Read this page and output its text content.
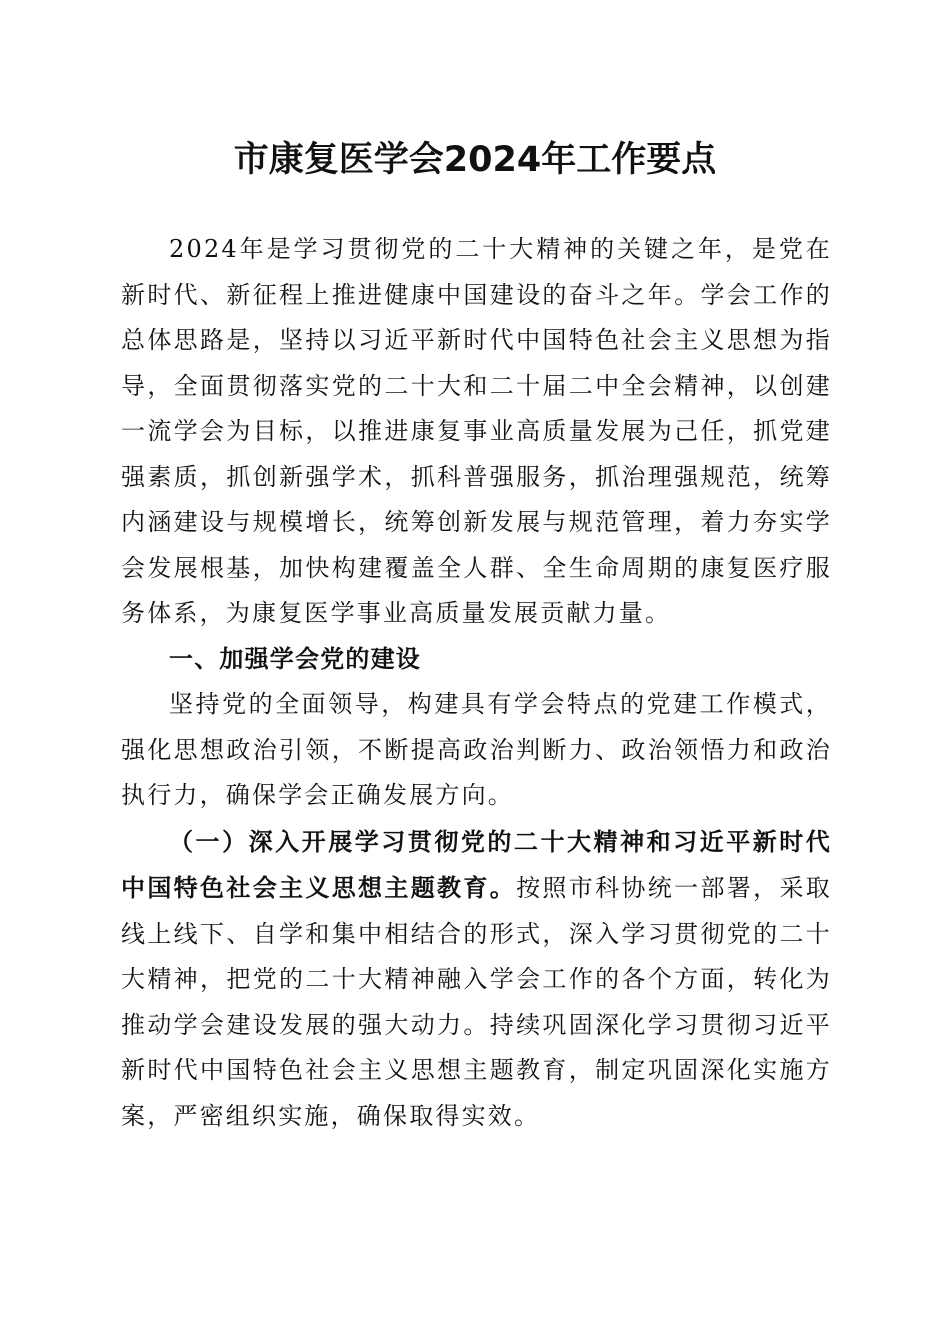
市康复医学会2024年工作要点

2024年是学习贯彻党的二十大精神的关键之年，是党在新时代、新征程上推进健康中国建设的奋斗之年。学会工作的总体思路是，坚持以习近平新时代中国特色社会主义思想为指导，全面贯彻落实党的二十大和二十届二中全会精神，以创建一流学会为目标，以推进康复事业高质量发展为己任，抓党建强素质，抓创新强学术，抓科普强服务，抓治理强规范，统筹内涵建设与规模增长，统筹创新发展与规范管理，着力夯实学会发展根基，加快构建覆盖全人群、全生命周期的康复医疗服务体系，为康复医学事业高质量发展贡献力量。

一、加强学会党的建设

坚持党的全面领导，构建具有学会特点的党建工作模式，强化思想政治引领，不断提高政治判断力、政治领悟力和政治执行力，确保学会正确发展方向。

（一）深入开展学习贯彻党的二十大精神和习近平新时代中国特色社会主义思想主题教育。按照市科协统一部署，采取线上线下、自学和集中相结合的形式，深入学习贯彻党的二十大精神，把党的二十大精神融入学会工作的各个方面，转化为推动学会建设发展的强大动力。持续巩固深化学习贯彻习近平新时代中国特色社会主义思想主题教育，制定巩固深化实施方案，严密组织实施，确保取得实效。
